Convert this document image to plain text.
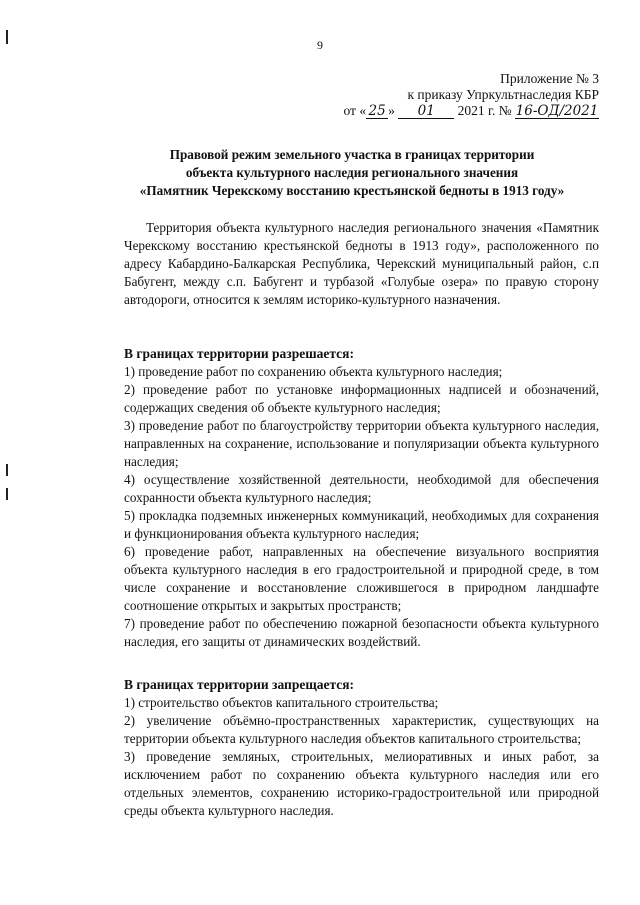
9
Приложение № 3
к приказу Упркультнаследия КБР
от « 25 » 01 2021 г. № 16-ОД/2021
Правовой режим земельного участка в границах территории
объекта культурного наследия регионального значения
«Памятник Черекскому восстанию крестьянской бедноты в 1913 году»

Территория объекта культурного наследия регионального значения «Памятник Черекскому восстанию крестьянской бедноты в 1913 году», расположенного по адресу Кабардино-Балкарская Республика, Черекский муниципальный район, с.п Бабугент, между с.п. Бабугент и турбазой «Голубые озера» по правую сторону автодороги, относится к землям историко-культурного назначения.

В границах территории разрешается:
1) проведение работ по сохранению объекта культурного наследия;
2) проведение работ по установке информационных надписей и обозначений, содержащих сведения об объекте культурного наследия;
3) проведение работ по благоустройству территории объекта культурного наследия, направленных на сохранение, использование и популяризации объекта культурного наследия;
4) осуществление хозяйственной деятельности, необходимой для обеспечения сохранности объекта культурного наследия;
5) прокладка подземных инженерных коммуникаций, необходимых для сохранения и функционирования объекта культурного наследия;
6) проведение работ, направленных на обеспечение визуального восприятия объекта культурного наследия в его градостроительной и природной среде, в том числе сохранение и восстановление сложившегося в природном ландшафте соотношение открытых и закрытых пространств;
7) проведение работ по обеспечению пожарной безопасности объекта культурного наследия, его защиты от динамических воздействий.
В границах территории запрещается:
1) строительство объектов капитального строительства;
2) увеличение объёмно-пространственных характеристик, существующих на территории объекта культурного наследия объектов капитального строительства;
3) проведение земляных, строительных, мелиоративных и иных работ, за исключением работ по сохранению объекта культурного наследия или его отдельных элементов, сохранению историко-градостроительной или природной среды объекта культурного наследия.
